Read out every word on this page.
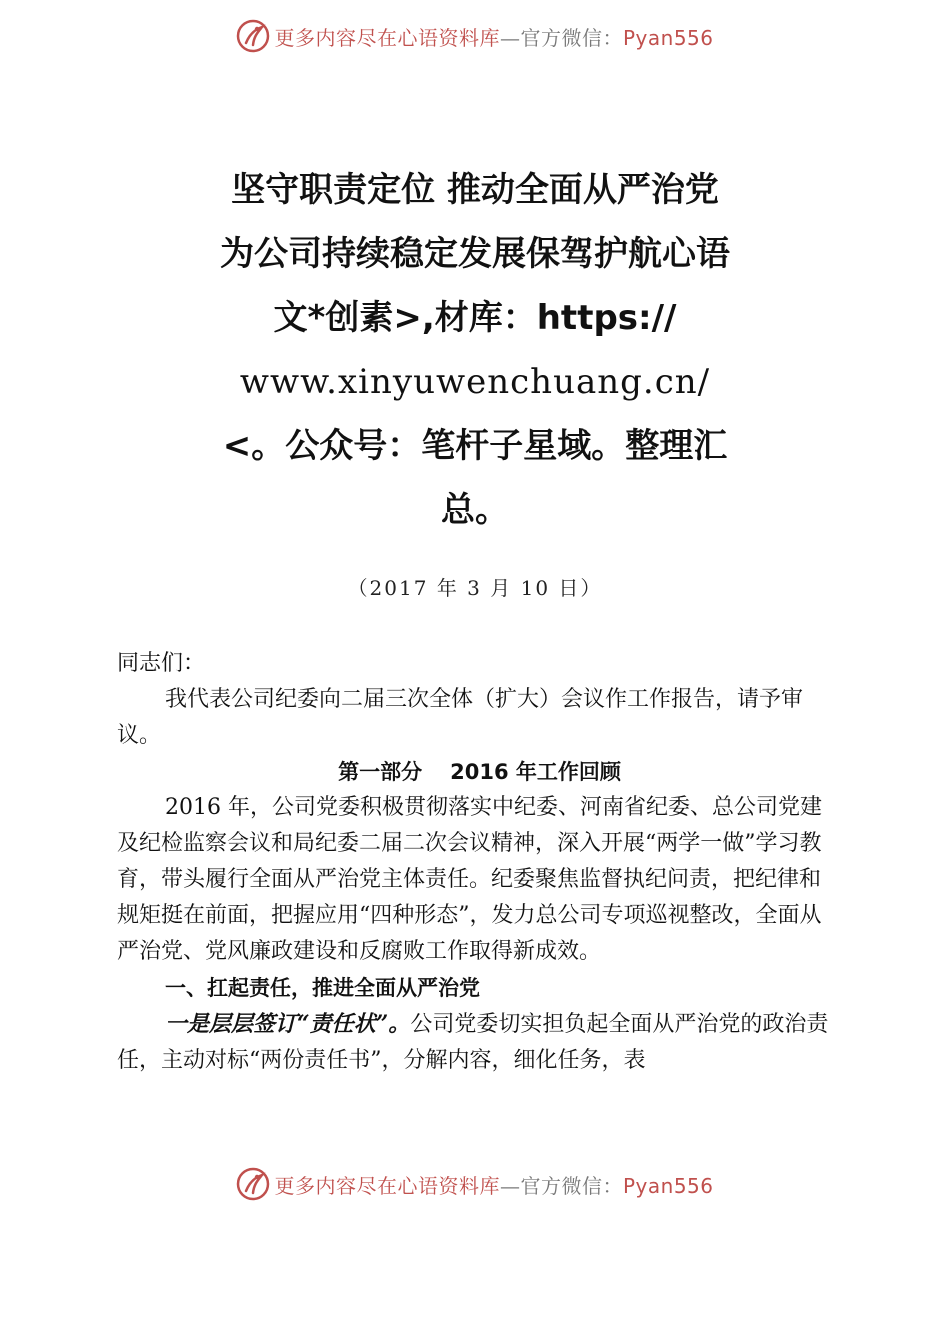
更多内容尽在心语资料库—官方微信：Pyan556
坚守职责定位 推动全面从严治党
为公司持续稳定发展保驾护航心语
文*创素>,材库：https://
www.xinyuwenchuang.cn/
<。公众号：笔杆子星域。整理汇
总。
（2017 年 3 月 10 日）

同志们：

我代表公司纪委向二届三次全体（扩大）会议作工作报告，请予审议。

第一部分 2016 年工作回顾

2016 年，公司党委积极贯彻落实中纪委、河南省纪委、总公司党建及纪检监察会议和局纪委二届二次会议精神，深入开展“两学一做”学习教育，带头履行全面从严治党主体责任。纪委聚焦监督执纪问责，把纪律和规矩挺在前面，把握应用“四种形态”，发力总公司专项巡视整改，全面从严治党、党风廉政建设和反腐败工作取得新成效。

一、扛起责任，推进全面从严治党

一是层层签订“责任状”。公司党委切实担负起全面从严治党的政治责任，主动对标“两份责任书”，分解内容，细化任务，表

更多内容尽在心语资料库—官方微信：Pyan556
